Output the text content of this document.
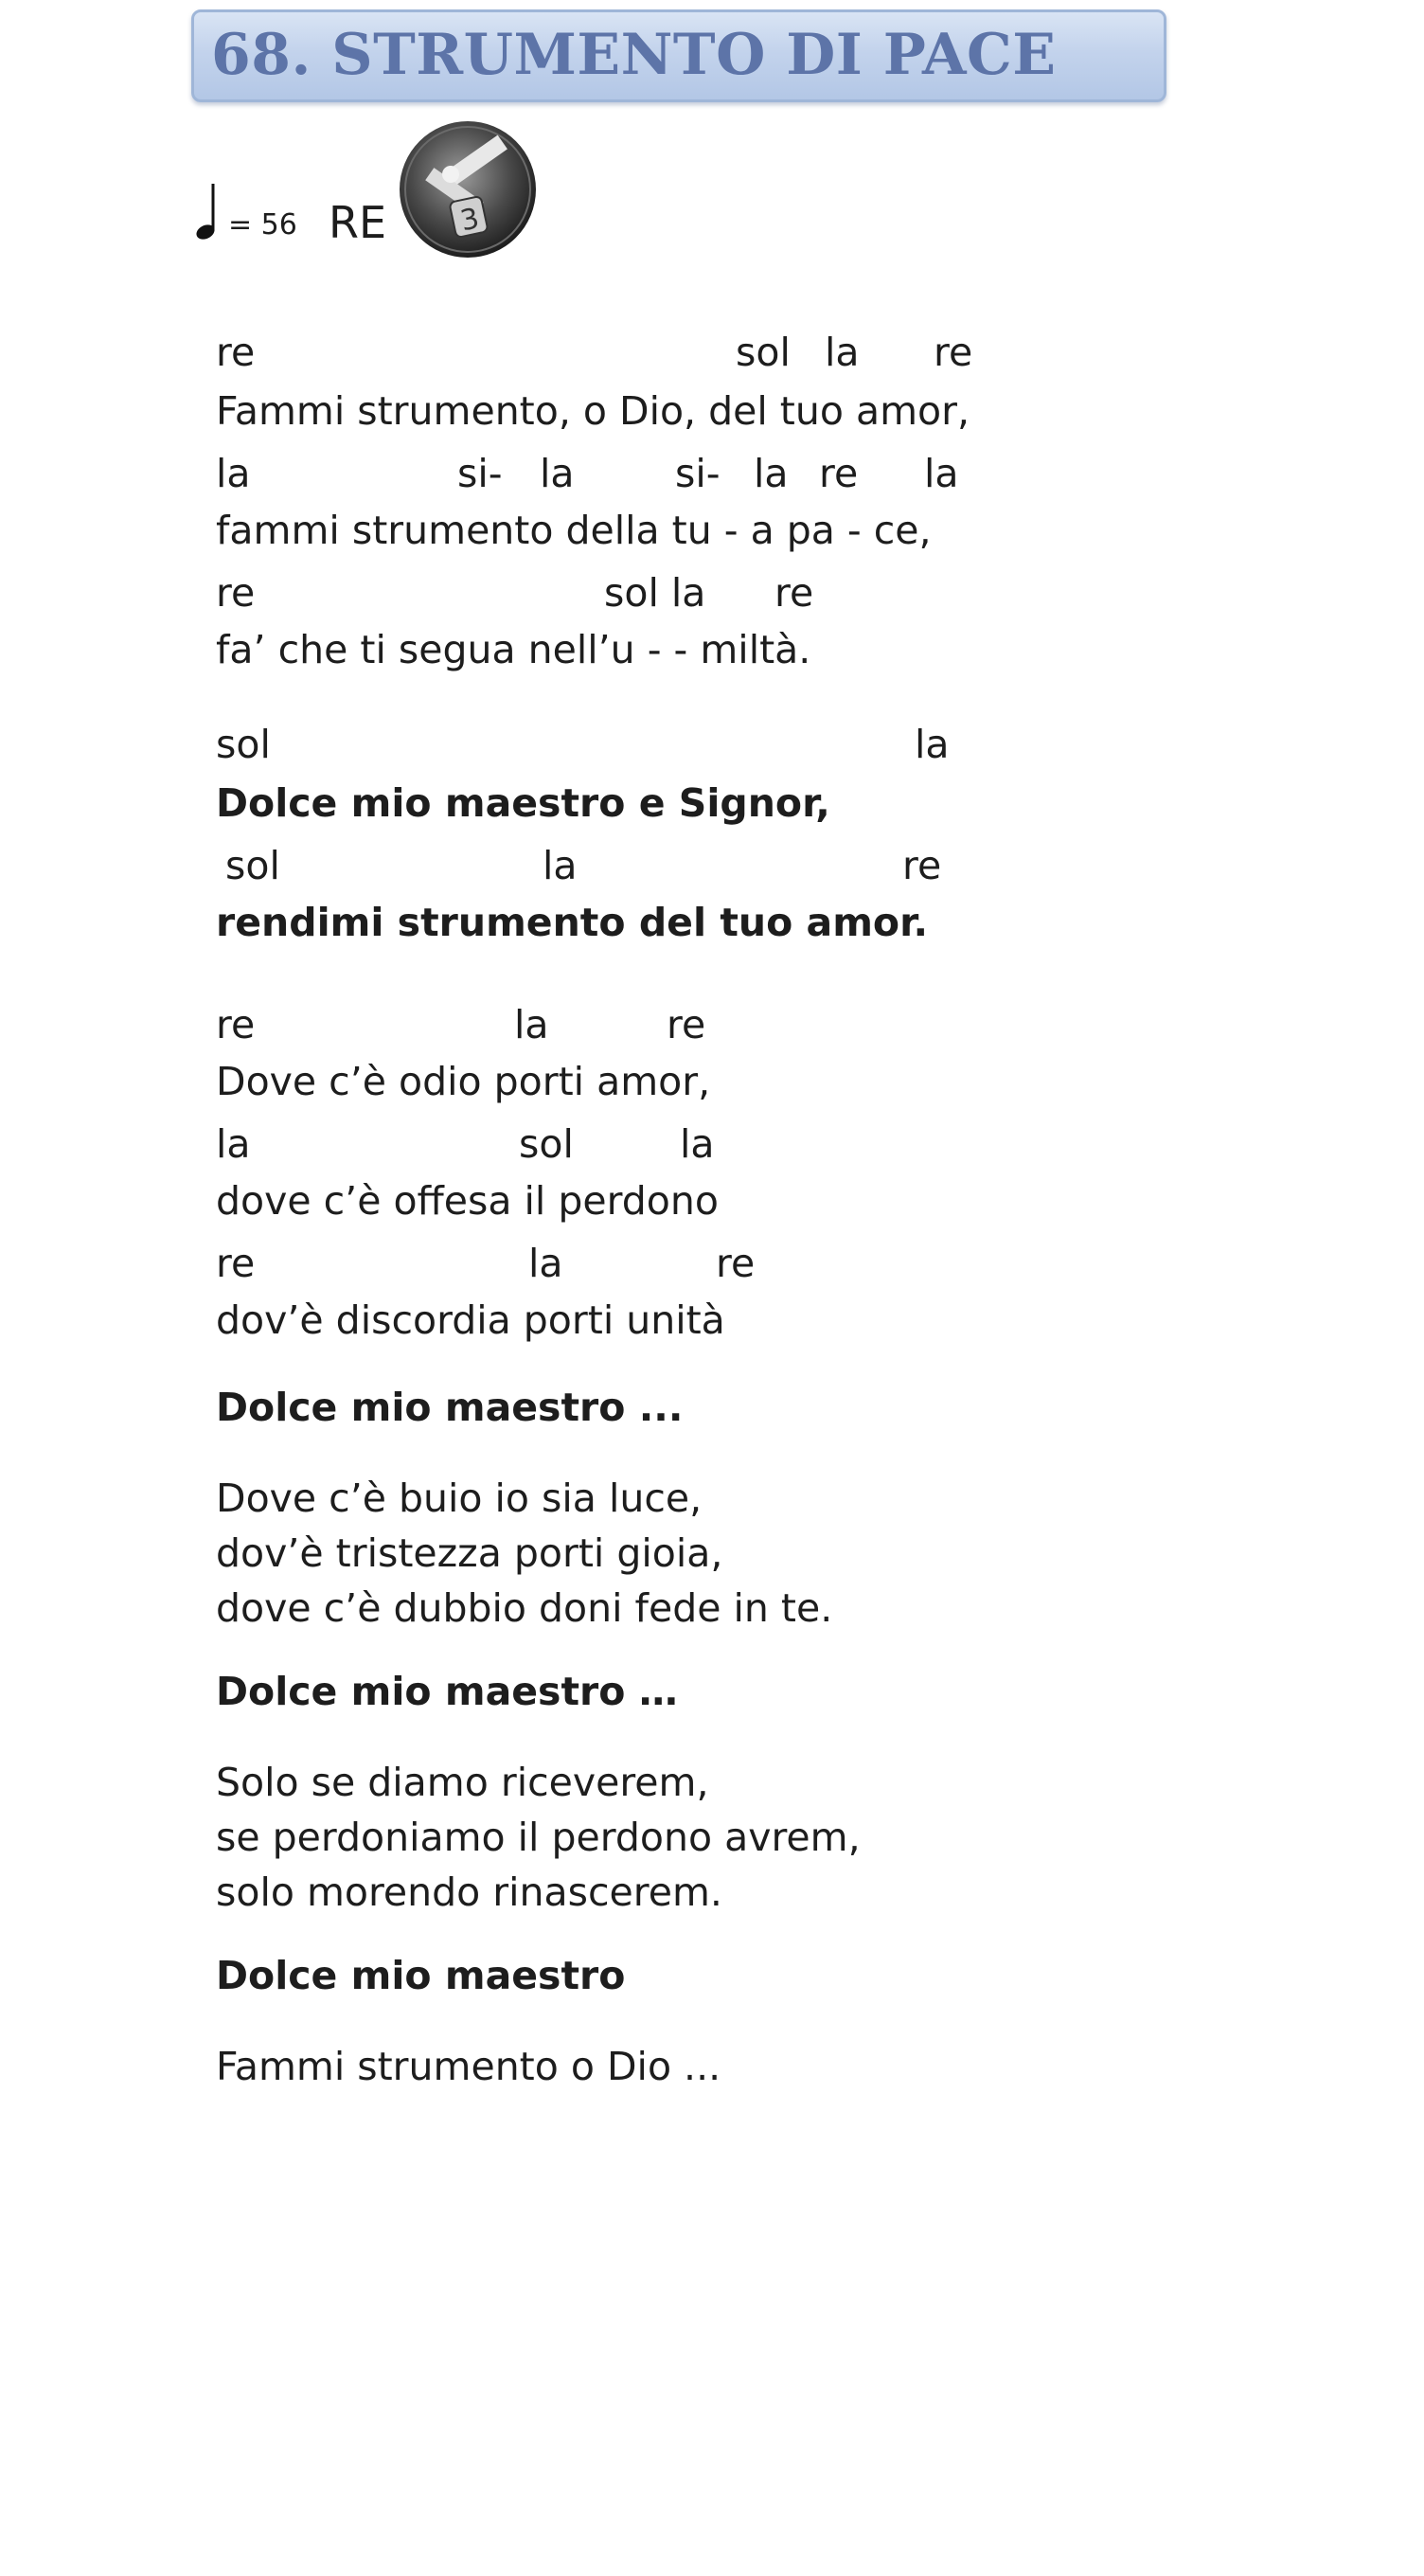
68. STRUMENTO DI PACE
= 56 RE	3
re	sol la re
Fammi strumento, o Dio, del tuo amor,
la	si- la	si- la re la
fammi strumento della tu - a pa - ce,
re	sol la re
fa’ che ti segua nell’u - - miltà.
sol	la
Dolce mio maestro e Signor,
sol	la	re
rendimi strumento del tuo amor.
re	la	re
Dove c’è odio porti amor,
la	sol	la
dove c’è offesa il perdono
re	la	re
dov’è discordia porti unità
Dolce mio maestro ...
Dove c’è buio io sia luce,
dov’è tristezza porti gioia,
dove c’è dubbio doni fede in te.
Dolce mio maestro …
Solo se diamo riceverem,
se perdoniamo il perdono avrem,
solo morendo rinascerem.
Dolce mio maestro
Fammi strumento o Dio ...
